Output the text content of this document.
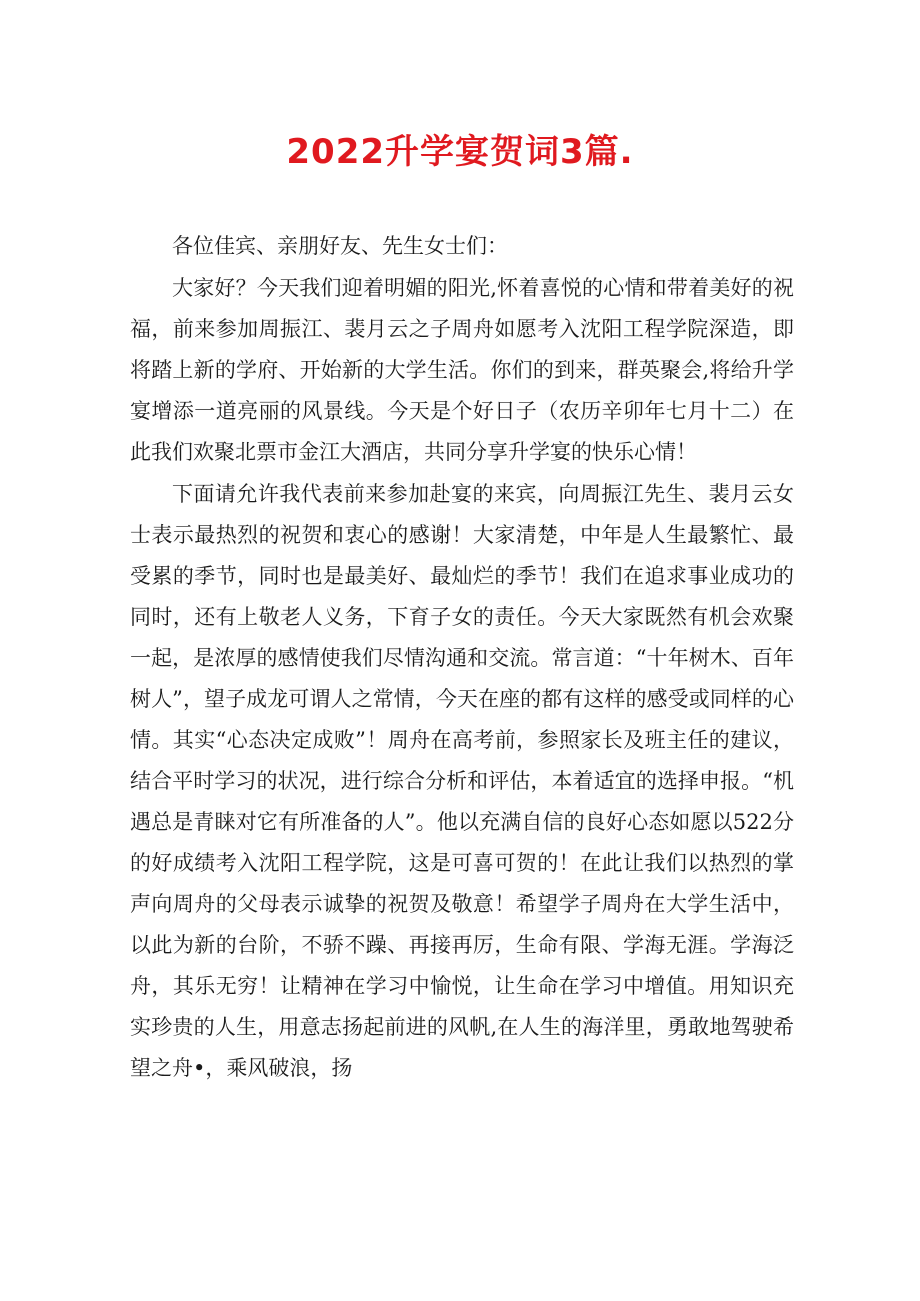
2022升学宴贺词3篇.

各位佳宾、亲朋好友、先生女士们：

大家好？今天我们迎着明媚的阳光,怀着喜悦的心情和带着美好的祝福，前来参加周振江、裴月云之子周舟如愿考入沈阳工程学院深造，即将踏上新的学府、开始新的大学生活。你们的到来，群英聚会,将给升学宴增添一道亮丽的风景线。今天是个好日子（农历辛卯年七月十二）在此我们欢聚北票市金江大酒店，共同分享升学宴的快乐心情！

下面请允许我代表前来参加赴宴的来宾，向周振江先生、裴月云女士表示最热烈的祝贺和衷心的感谢！大家清楚，中年是人生最繁忙、最受累的季节，同时也是最美好、最灿烂的季节！我们在追求事业成功的同时，还有上敬老人义务，下育子女的责任。今天大家既然有机会欢聚一起，是浓厚的感情使我们尽情沟通和交流。常言道：“十年树木、百年树人”，望子成龙可谓人之常情，今天在座的都有这样的感受或同样的心情。其实“心态决定成败”！周舟在高考前，参照家长及班主任的建议，结合平时学习的状况，进行综合分析和评估，本着适宜的选择申报。“机遇总是青睐对它有所准备的人”。他以充满自信的良好心态如愿以522分的好成绩考入沈阳工程学院，这是可喜可贺的！在此让我们以热烈的掌声向周舟的父母表示诚挚的祝贺及敬意！希望学子周舟在大学生活中，以此为新的台阶，不骄不躁、再接再厉，生命有限、学海无涯。学海泛舟，其乐无穷！让精神在学习中愉悦，让生命在学习中增值。用知识充实珍贵的人生，用意志扬起前进的风帆,在人生的海洋里，勇敢地驾驶希望之舟•，乘风破浪，扬
